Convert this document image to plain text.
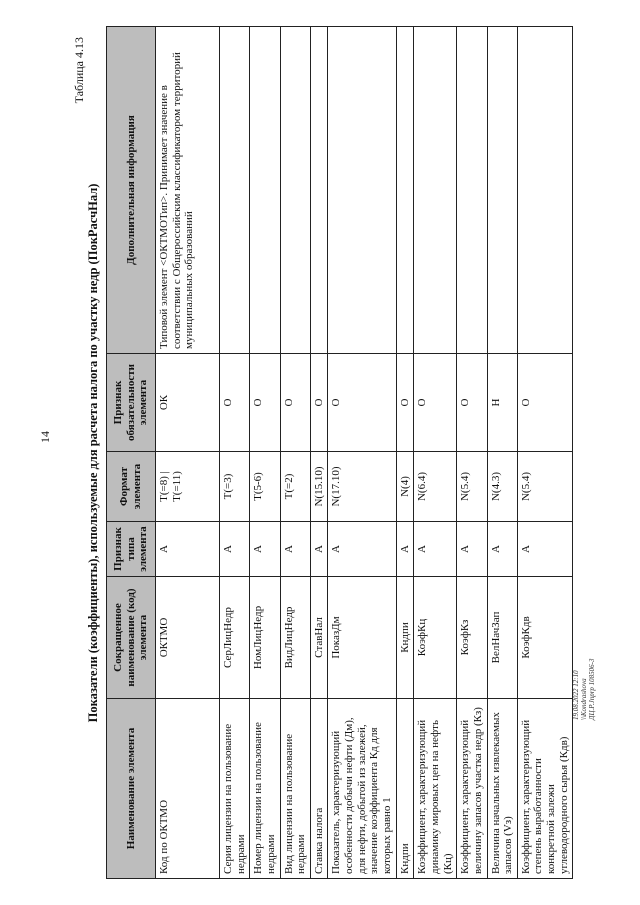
14
19.08.2022 12:10 \\Kondrashova ДЦ.Р.Jnprp 108506-3
Таблица 4.13
Показатели (коэффициенты), используемые для расчета налога по участку недр (ПокРасчНал)
Наименование элемента	Сокращенное наименование (код) элемента	Признак типа элемента	Формат элемента	Признак обязательности элемента	Дополнительная информация
Код по ОКТМО	ОКТМО	А	T(=8) | T(=11)	ОК	Типовой элемент <ОКТМОТип>. Принимает значение в соответствии с Общероссийским классификатором территорий муниципальных образований
Серия лицензии на пользование недрами	СерЛицНедр	А	T(=3)	О	
Номер лицензии на пользование недрами	НомЛицНедр	А	T(5-6)	О	
Вид лицензии на пользование недрами	ВидЛицНедр	А	T(=2)	О	
Ставка налога	СтавНал	А	N(15.10)	О	
Показатель, характеризующий особенности добычи нефти (Дм), для нефти, добытой из залежей, значение коэффициента Кд для которых равно 1	ПоказДм	А	N(17.10)	О	
Кндпи	Кндпи	А	N(4)	О	
Коэффициент, характеризующий динамику мировых цен на нефть (Кц)	КоэфКц	А	N(6.4)	О	
Коэффициент, характеризующий величину запасов участка недр (Кз)	КоэфКз	А	N(5.4)	О	
Величина начальных извлекаемых запасов (Vз)	ВелНачЗап	А	N(4.3)	Н	
Коэффициент, характеризующий степень выработанности конкретной залежи углеводородного сырья (Кдв)	КоэфКдв	А	N(5.4)	О	
